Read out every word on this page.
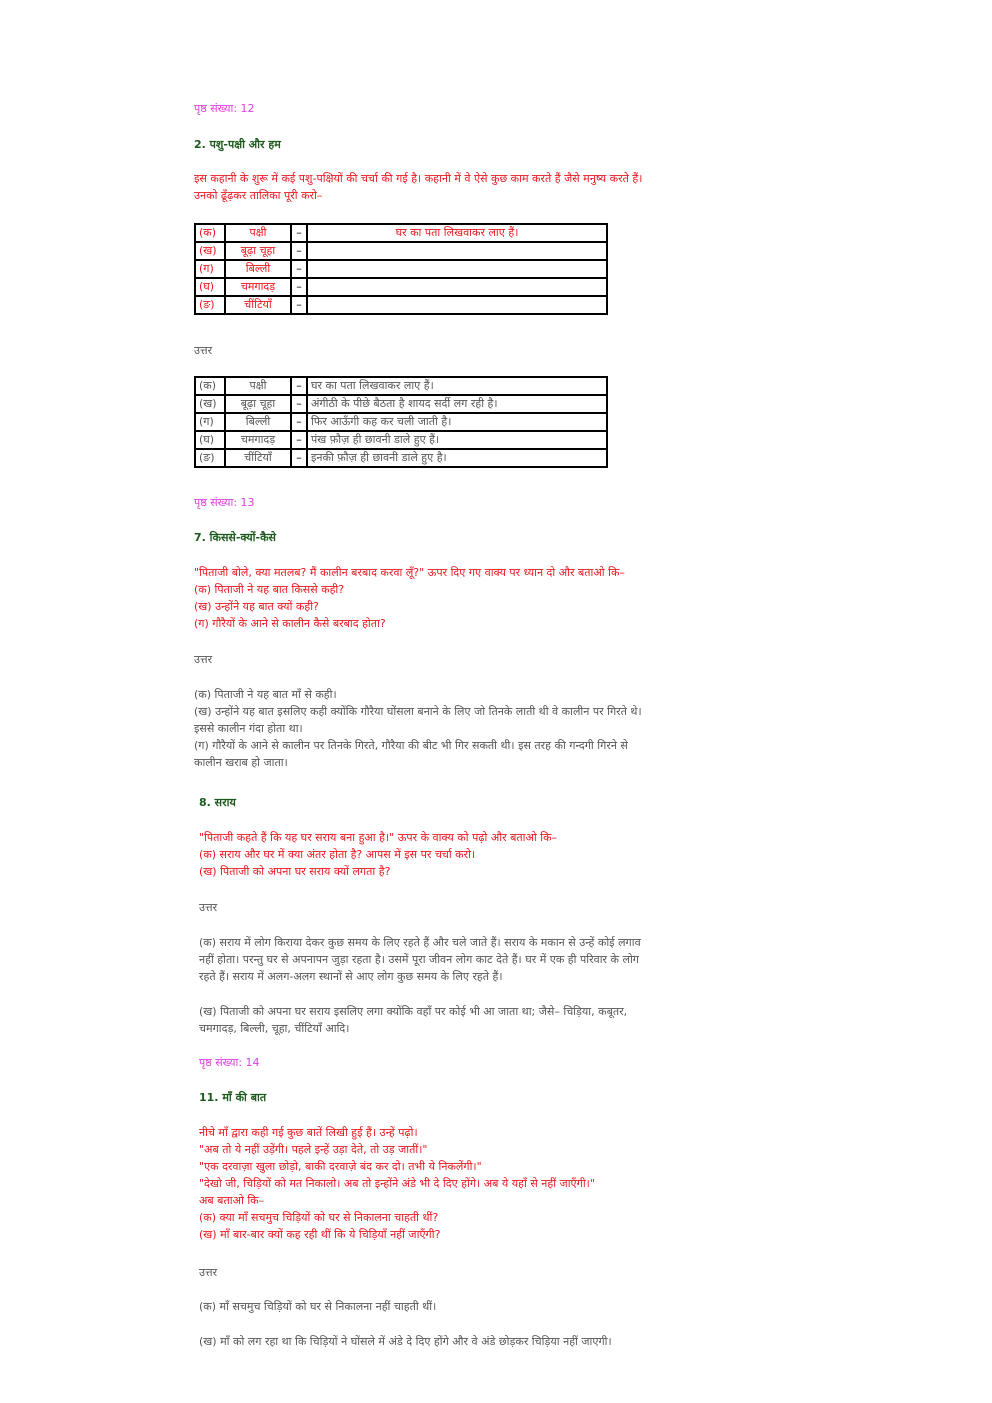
पृष्ठ संख्या: 12
2. पशु-पक्षी और हम
इस कहानी के शुरू में कई पशु-पक्षियों की चर्चा की गई है। कहानी में वे ऐसे कुछ काम करते हैं जैसे मनुष्य करते हैं।
उनको ढूँढ़कर तालिका पूरी करो–
(क)	पक्षी	–	घर का पता लिखवाकर लाए हैं।
(ख)	बूढ़ा चूहा	–	
(ग)	बिल्ली	–	
(घ)	चमगादड़	–	
(ङ)	चींटियाँ	–	
उत्तर
(क)	पक्षी	–	घर का पता लिखवाकर लाए हैं।
(ख)	बूढ़ा चूहा	–	अंगीठी के पीछे बैठता है शायद सर्दी लग रही है।
(ग)	बिल्ली	–	फिर आऊँगी कह कर चली जाती है।
(घ)	चमगादड़	–	पंख फ़ौज़ ही छावनी डाले हुए हैं।
(ङ)	चींटियाँ	–	इनकी फ़ौज़ ही छावनी डाले हुए है।
पृष्ठ संख्या: 13
7. किससे-क्यों-कैसे
"पिताजी बोले, क्या मतलब? मैं कालीन बरबाद करवा लूँ?" ऊपर दिए गए वाक्य पर ध्यान दो और बताओ कि–
(क) पिताजी ने यह बात किससे कही?
(ख) उन्होंने यह बात क्यों कही?
(ग) गौरैयों के आने से कालीन कैसे बरबाद होता?
उत्तर
(क) पिताजी ने यह बात माँ से कही।
(ख) उन्होंने यह बात इसलिए कही क्योंकि गौरैया घोंसला बनाने के लिए जो तिनके लाती थी वे कालीन पर गिरते थे।
इससे कालीन गंदा होता था।
(ग) गौरैयों के आने से कालीन पर तिनके गिरते, गौरैया की बीट भी गिर सकती थी। इस तरह की गन्दगी गिरने से
कालीन खराब हो जाता।
8. सराय
"पिताजी कहते हैं कि यह घर सराय बना हुआ है।" ऊपर के वाक्य को पढ़ो और बताओ कि–
(क) सराय और घर में क्या अंतर होता है? आपस में इस पर चर्चा करो।
(ख) पिताजी को अपना घर सराय क्यों लगता है?
उत्तर
(क) सराय में लोग किराया देकर कुछ समय के लिए रहते हैं और चले जाते हैं। सराय के मकान से उन्हें कोई लगाव
नहीं होता। परन्तु घर से अपनापन जुड़ा रहता है। उसमें पूरा जीवन लोग काट देते हैं। घर में एक ही परिवार के लोग
रहते हैं। सराय में अलग-अलग स्थानों से आए लोग कुछ समय के लिए रहते हैं।
(ख) पिताजी को अपना घर सराय इसलिए लगा क्योंकि वहाँ पर कोई भी आ जाता था; जैसे– चिड़िया, कबूतर,
चमगादड़, बिल्ली, चूहा, चींटियाँ आदि।
पृष्ठ संख्या: 14
11. माँ की बात
नीचे माँ द्वारा कही गई कुछ बातें लिखी हुई हैं। उन्हें पढ़ो।
"अब तो ये नहीं उड़ेंगी। पहले इन्हें उड़ा देते, तो उड़ जातीं।"
"एक दरवाज़ा खुला छोड़ो, बाकी दरवाज़े बंद कर दो। तभी ये निकलेंगी।"
"देखो जी, चिड़ियों को मत निकालो। अब तो इन्होंने अंडे भी दे दिए होंगे। अब ये यहाँ से नहीं जाएँगी।"
अब बताओ कि–
(क) क्या माँ सचमुच चिड़ियों को घर से निकालना चाहती थीं?
(ख) माँ बार-बार क्यों कह रही थीं कि ये चिड़ियाँ नहीं जाएँगी?
उत्तर
(क) माँ सचमुच चिड़ियों को घर से निकालना नहीं चाहती थीं।
(ख) माँ को लग रहा था कि चिड़ियों ने घोंसले में अंडे दे दिए होंगे और वे अंडे छोड़कर चिड़िया नहीं जाएगी।
